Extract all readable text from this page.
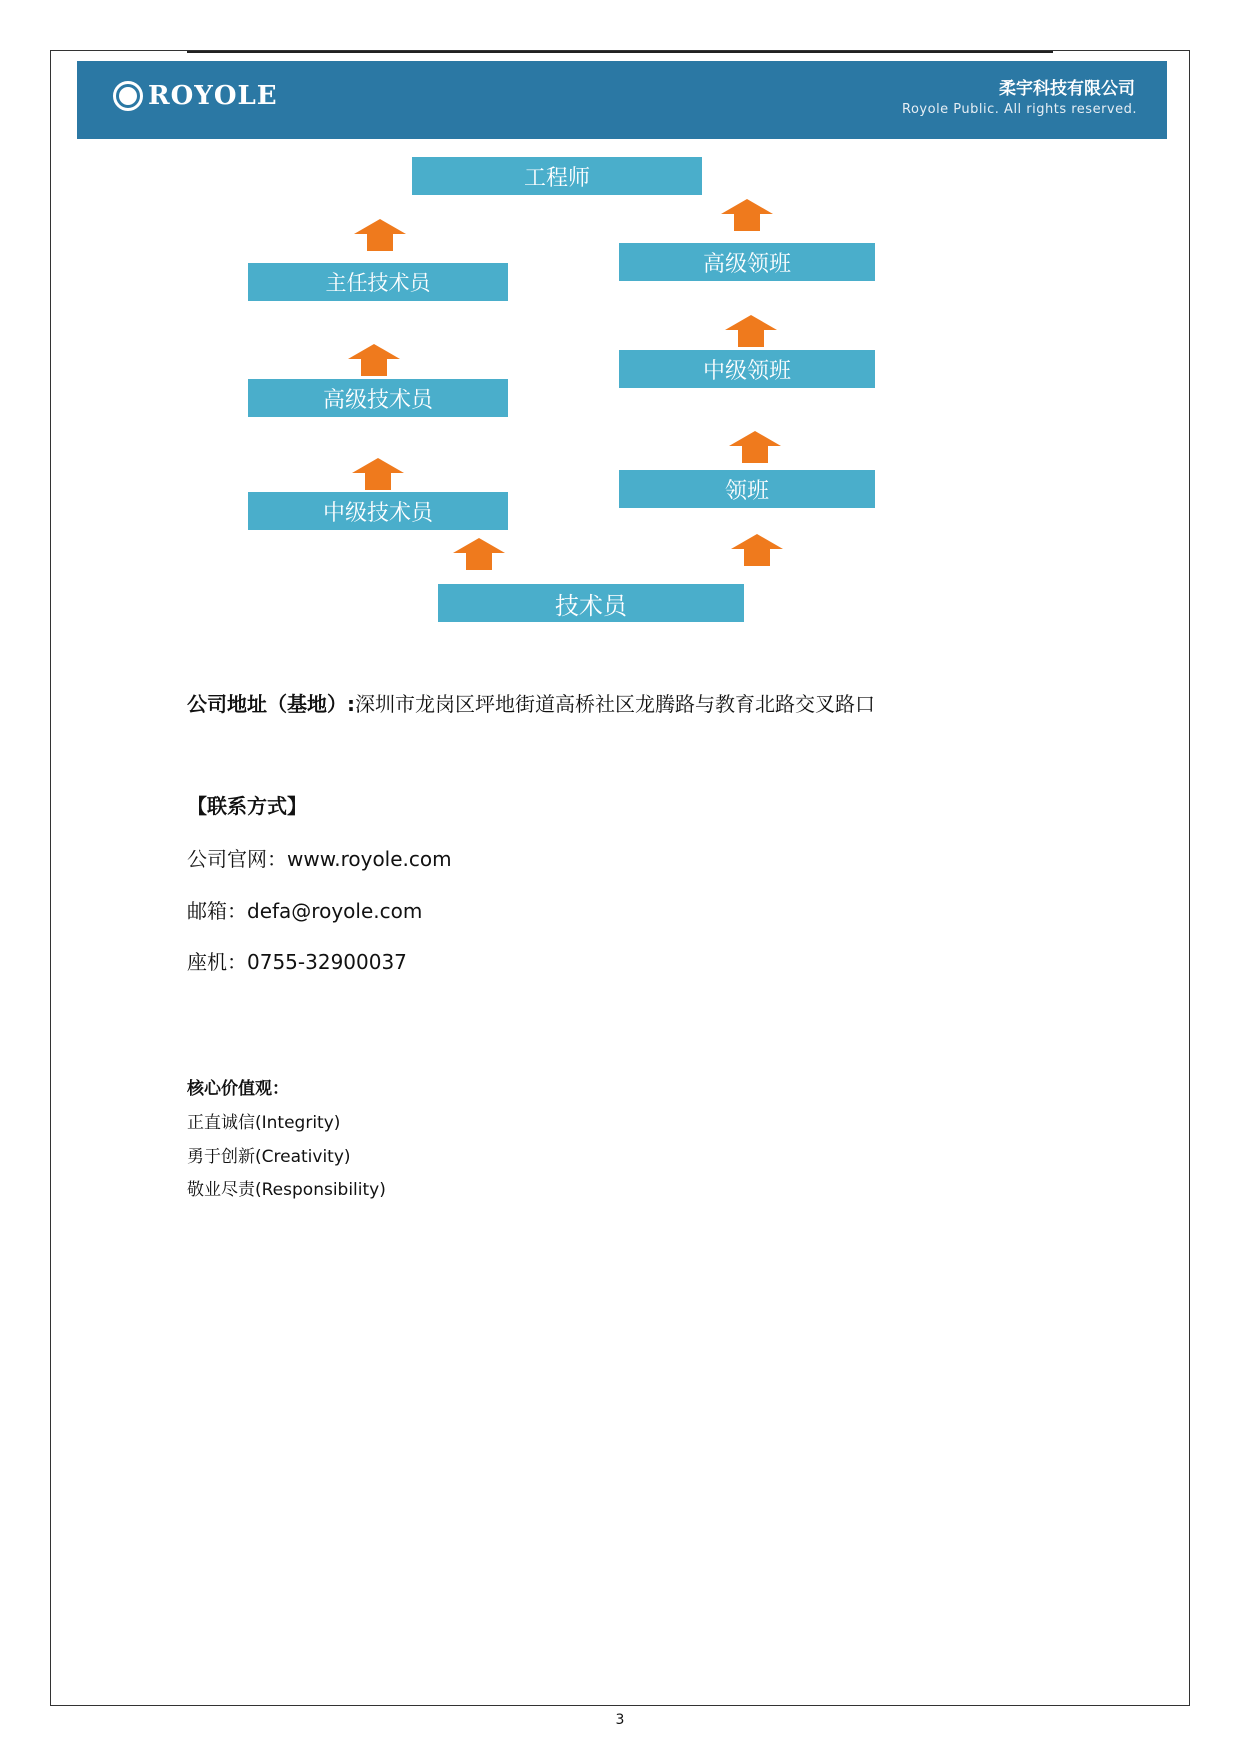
ROYOLE	柔宇科技有限公司
Royole Public. All rights reserved.
工程师
主任技术员
高级技术员
中级技术员
高级领班
中级领班
领班
技术员
公司地址（基地）:深圳市龙岗区坪地街道高桥社区龙腾路与教育北路交叉路口
【联系方式】
公司官网：www.royole.com
邮箱：defa@royole.com
座机：0755-32900037
核心价值观：
正直诚信(Integrity)
勇于创新(Creativity)
敬业尽责(Responsibility)
3
